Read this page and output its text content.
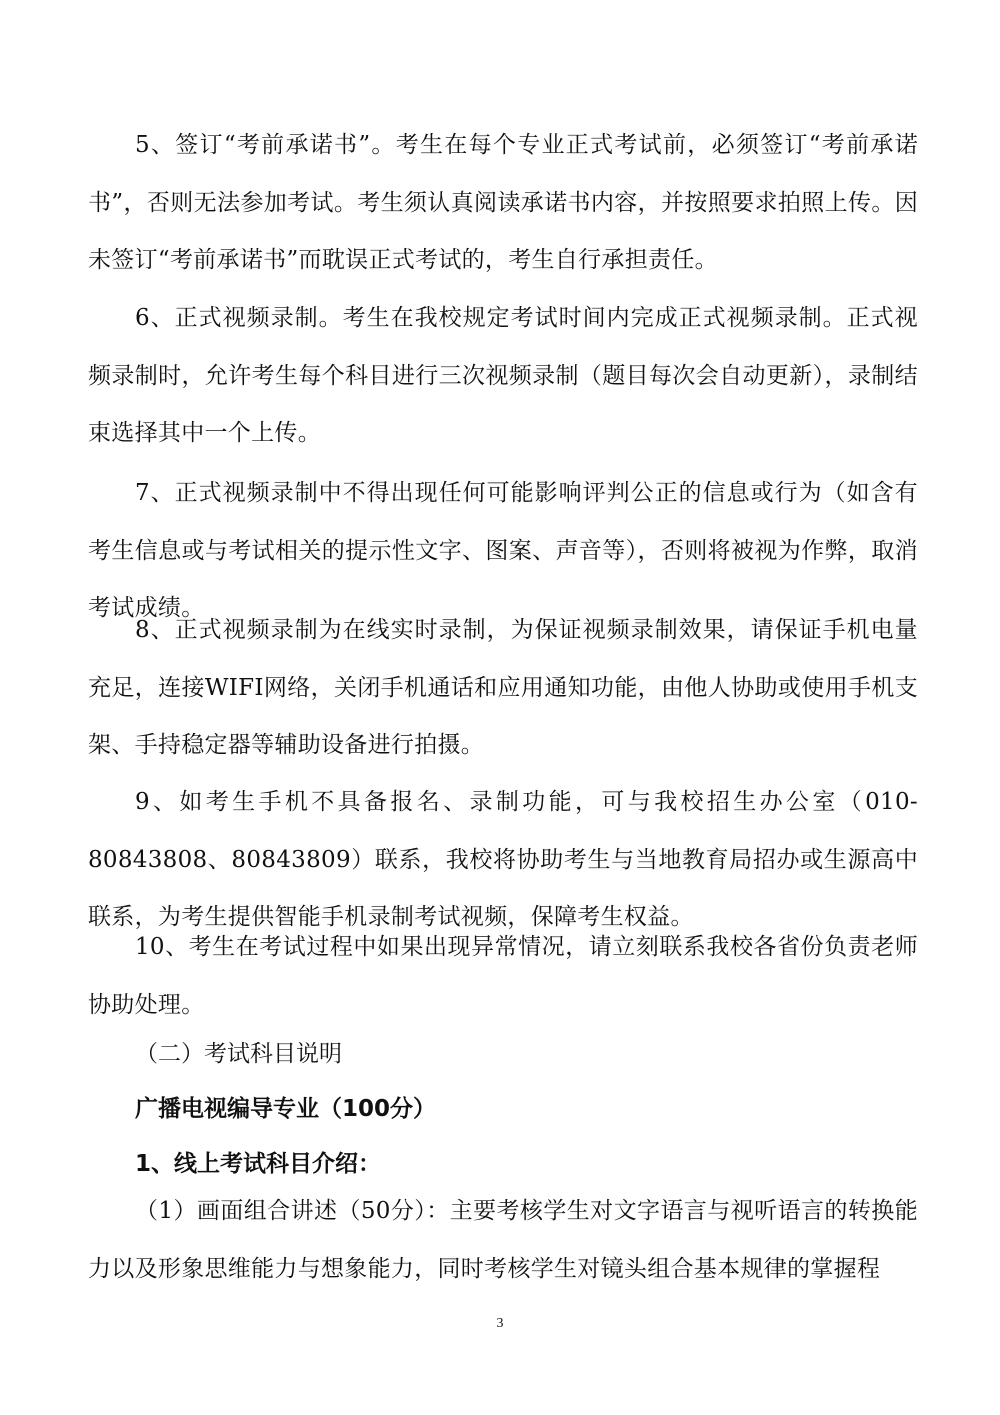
5、签订“考前承诺书”。考生在每个专业正式考试前，必须签订“考前承诺书”，否则无法参加考试。考生须认真阅读承诺书内容，并按照要求拍照上传。因未签订“考前承诺书”而耽误正式考试的，考生自行承担责任。

6、正式视频录制。考生在我校规定考试时间内完成正式视频录制。正式视频录制时，允许考生每个科目进行三次视频录制（题目每次会自动更新），录制结束选择其中一个上传。

7、正式视频录制中不得出现任何可能影响评判公正的信息或行为（如含有考生信息或与考试相关的提示性文字、图案、声音等），否则将被视为作弊，取消考试成绩。

8、正式视频录制为在线实时录制，为保证视频录制效果，请保证手机电量充足，连接WIFI网络，关闭手机通话和应用通知功能，由他人协助或使用手机支架、手持稳定器等辅助设备进行拍摄。

9、如考生手机不具备报名、录制功能，可与我校招生办公室（010-80843808、80843809）联系，我校将协助考生与当地教育局招办或生源高中联系，为考生提供智能手机录制考试视频，保障考生权益。

10、考生在考试过程中如果出现异常情况，请立刻联系我校各省份负责老师协助处理。

（二）考试科目说明

广播电视编导专业（100分）

1、线上考试科目介绍：

（1）画面组合讲述（50分）：主要考核学生对文字语言与视听语言的转换能力以及形象思维能力与想象能力，同时考核学生对镜头组合基本规律的掌握程

3
